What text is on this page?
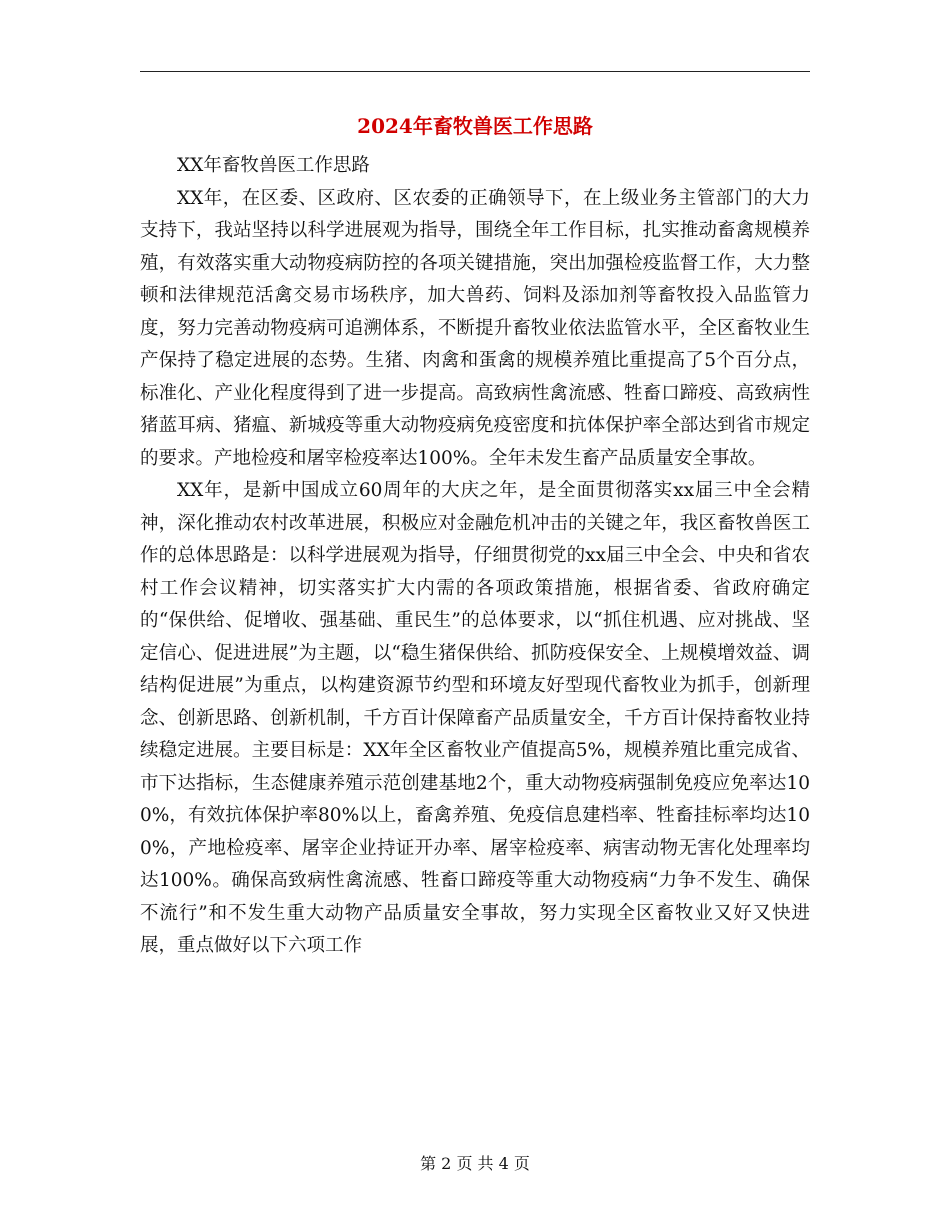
2024年畜牧兽医工作思路

XX年畜牧兽医工作思路

XX年，在区委、区政府、区农委的正确领导下，在上级业务主管部门的大力支持下，我站坚持以科学进展观为指导，围绕全年工作目标，扎实推动畜禽规模养殖，有效落实重大动物疫病防控的各项关键措施，突出加强检疫监督工作，大力整顿和法律规范活禽交易市场秩序，加大兽药、饲料及添加剂等畜牧投入品监管力度，努力完善动物疫病可追溯体系，不断提升畜牧业依法监管水平，全区畜牧业生产保持了稳定进展的态势。生猪、肉禽和蛋禽的规模养殖比重提高了5个百分点，标准化、产业化程度得到了进一步提高。高致病性禽流感、牲畜口蹄疫、高致病性猪蓝耳病、猪瘟、新城疫等重大动物疫病免疫密度和抗体保护率全部达到省市规定的要求。产地检疫和屠宰检疫率达100%。全年未发生畜产品质量安全事故。

XX年，是新中国成立60周年的大庆之年，是全面贯彻落实xx届三中全会精神，深化推动农村改革进展，积极应对金融危机冲击的关键之年，我区畜牧兽医工作的总体思路是：以科学进展观为指导，仔细贯彻党的xx届三中全会、中央和省农村工作会议精神，切实落实扩大内需的各项政策措施，根据省委、省政府确定的“保供给、促增收、强基础、重民生”的总体要求，以“抓住机遇、应对挑战、坚定信心、促进进展”为主题，以“稳生猪保供给、抓防疫保安全、上规模增效益、调结构促进展”为重点，以构建资源节约型和环境友好型现代畜牧业为抓手，创新理念、创新思路、创新机制，千方百计保障畜产品质量安全，千方百计保持畜牧业持续稳定进展。主要目标是：XX年全区畜牧业产值提高5%，规模养殖比重完成省、市下达指标，生态健康养殖示范创建基地2个，重大动物疫病强制免疫应免率达100%，有效抗体保护率80%以上，畜禽养殖、免疫信息建档率、牲畜挂标率均达100%，产地检疫率、屠宰企业持证开办率、屠宰检疫率、病害动物无害化处理率均达100%。确保高致病性禽流感、牲畜口蹄疫等重大动物疫病“力争不发生、确保不流行”和不发生重大动物产品质量安全事故，努力实现全区畜牧业又好又快进展，重点做好以下六项工作

第 2 页 共 4 页
